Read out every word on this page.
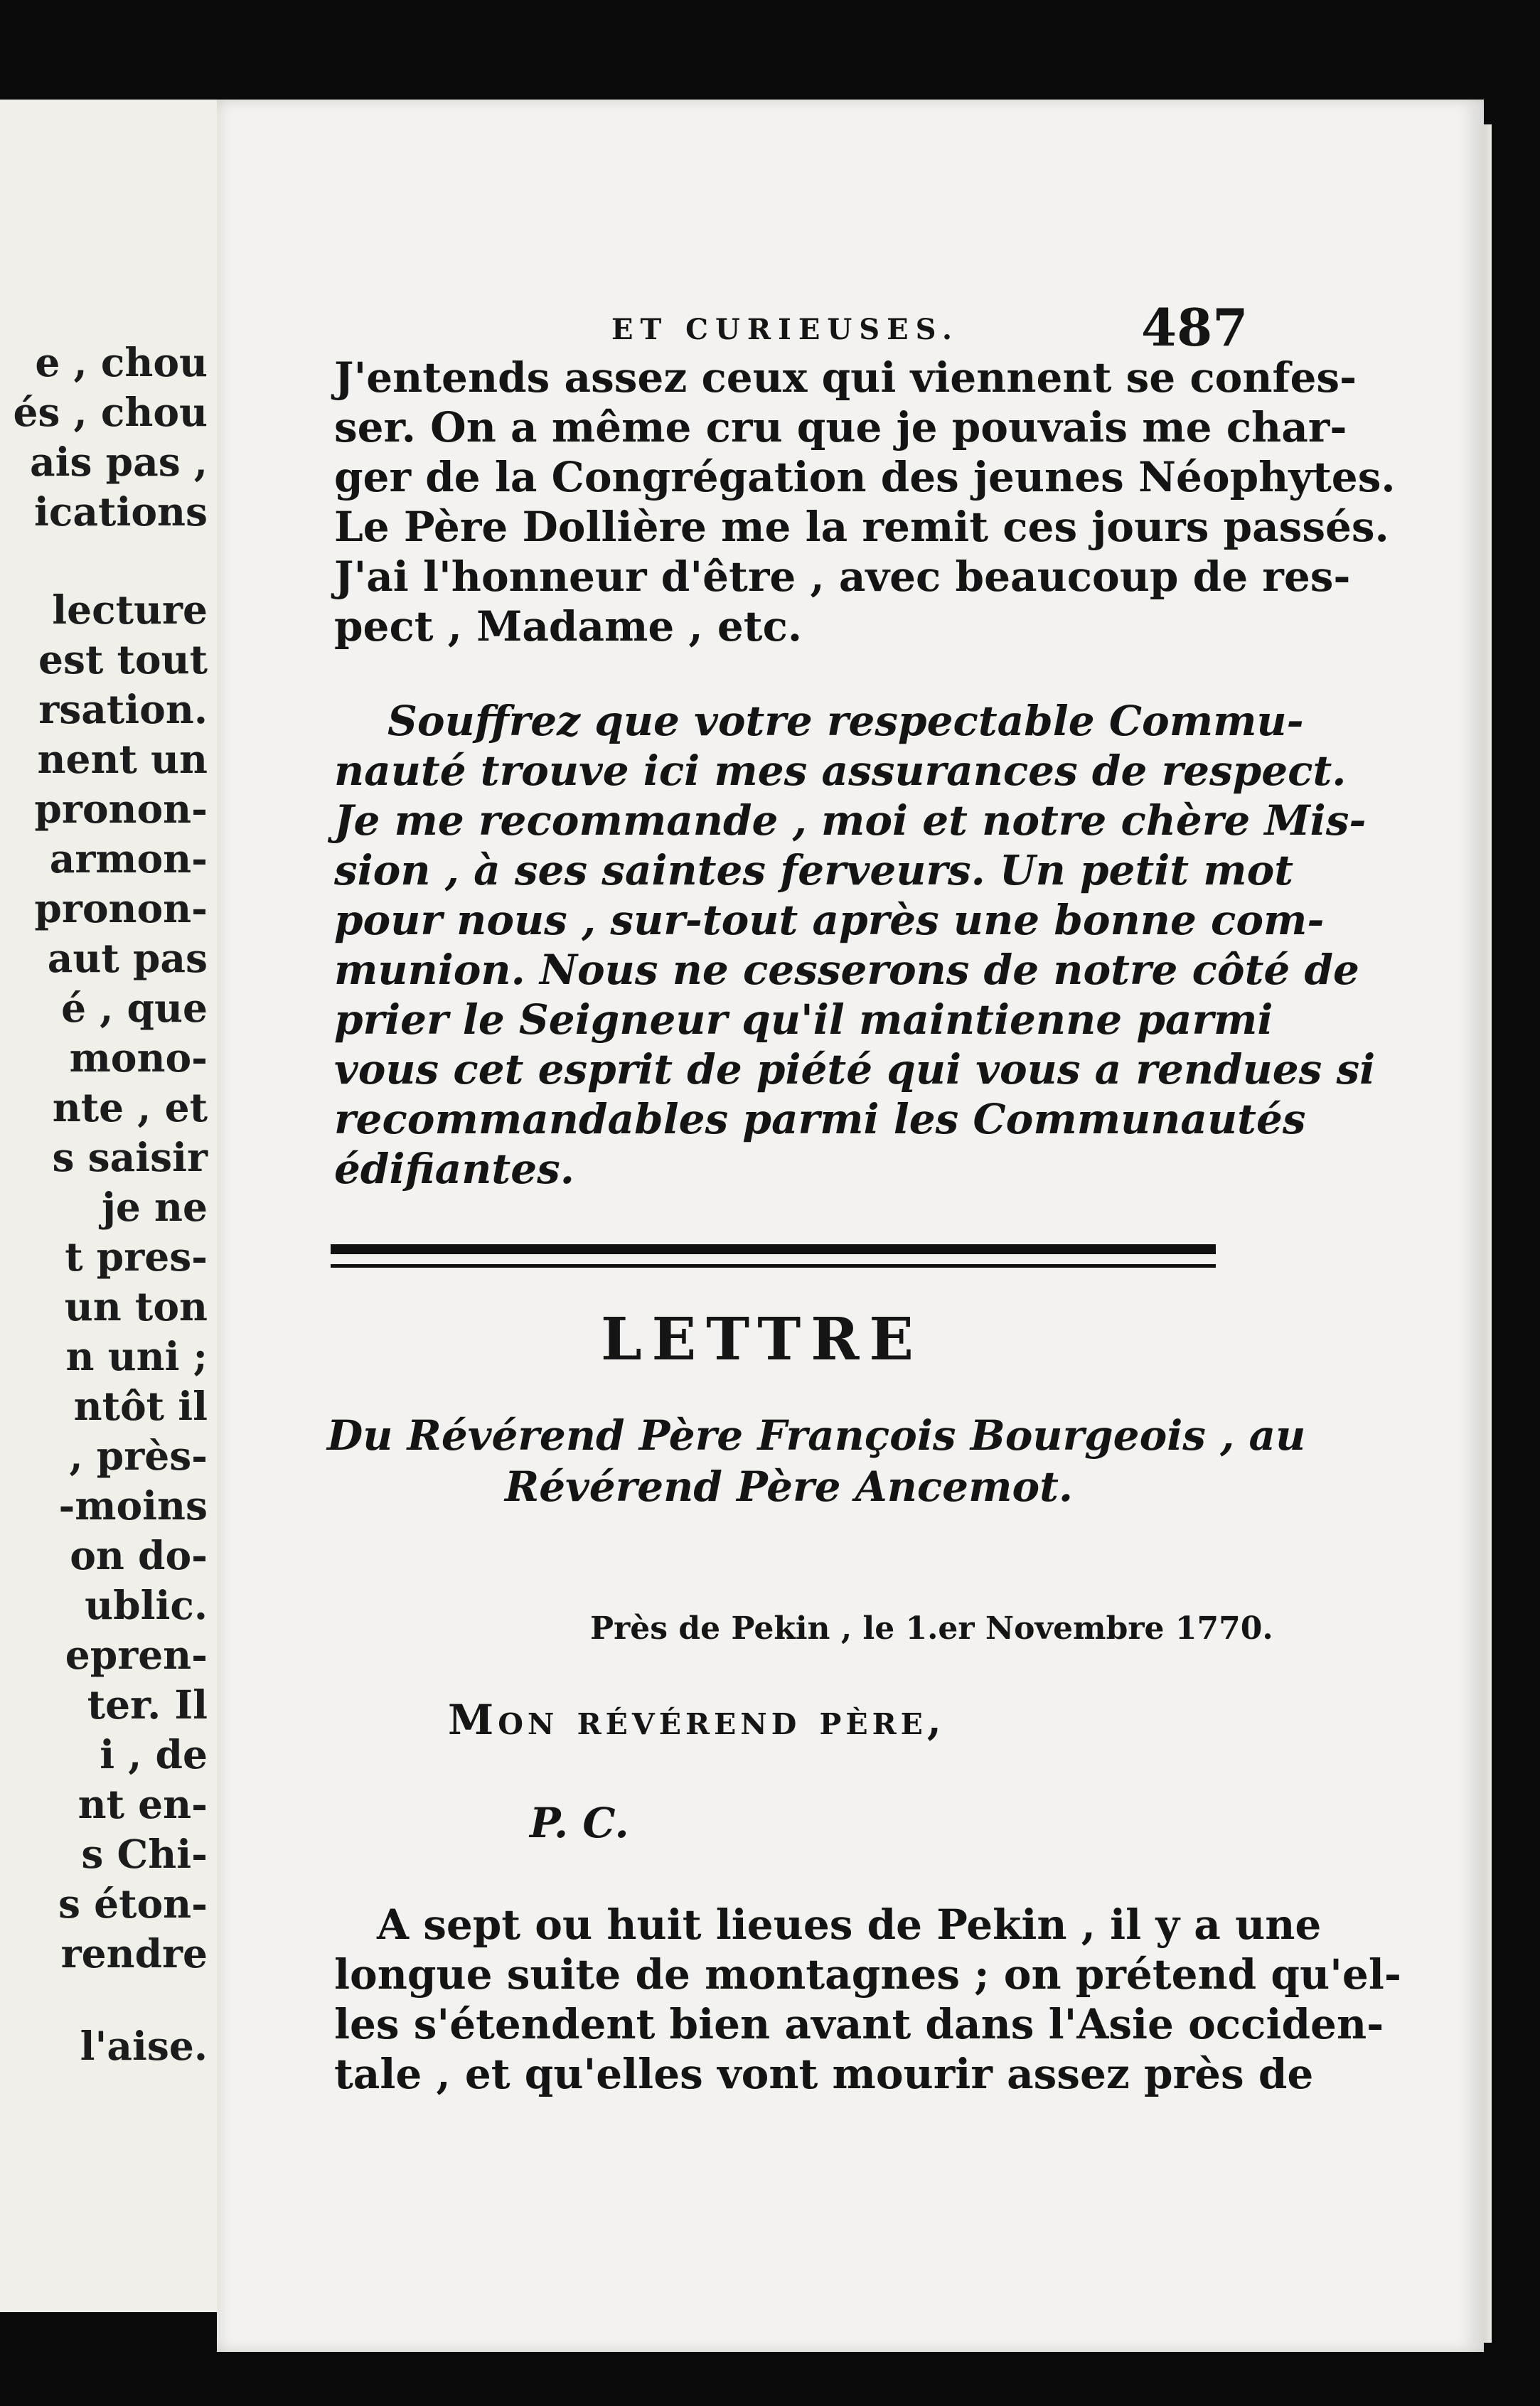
e , chou
és , chou
ais pas ,
ications
lecture
est tout
rsation.
nent un
pronon-
armon-
pronon-
aut pas
é , que
mono-
nte , et
s saisir
je ne
t pres-
un ton
n uni ;
ntôt il
, près-
-moins
on do-
ublic.
epren-
ter. Il
i , de
nt en-
s Chi-
s éton-
rendre
l'aise.
ET CURIEUSES.	487
J'entends assez ceux qui viennent se confes-
ser. On a même cru que je pouvais me char-
ger de la Congrégation des jeunes Néophytes.
Le Père Dollière me la remit ces jours passés.
J'ai l'honneur d'être , avec beaucoup de res-
pect , Madame , etc.
Souffrez que votre respectable Commu-
nauté trouve ici mes assurances de respect.
Je me recommande , moi et notre chère Mis-
sion , à ses saintes ferveurs. Un petit mot
pour nous , sur-tout après une bonne com-
munion. Nous ne cesserons de notre côté de
prier le Seigneur qu'il maintienne parmi
vous cet esprit de piété qui vous a rendues si
recommandables parmi les Communautés
édifiantes.
LETTRE
Du Révérend Père François Bourgeois , au
Révérend Père Ancemot.
Près de Pekin , le 1.er Novembre 1770.
Mon révérend père,
P. C.
A sept ou huit lieues de Pekin , il y a une
longue suite de montagnes ; on prétend qu'el-
les s'étendent bien avant dans l'Asie occiden-
tale , et qu'elles vont mourir assez près de
